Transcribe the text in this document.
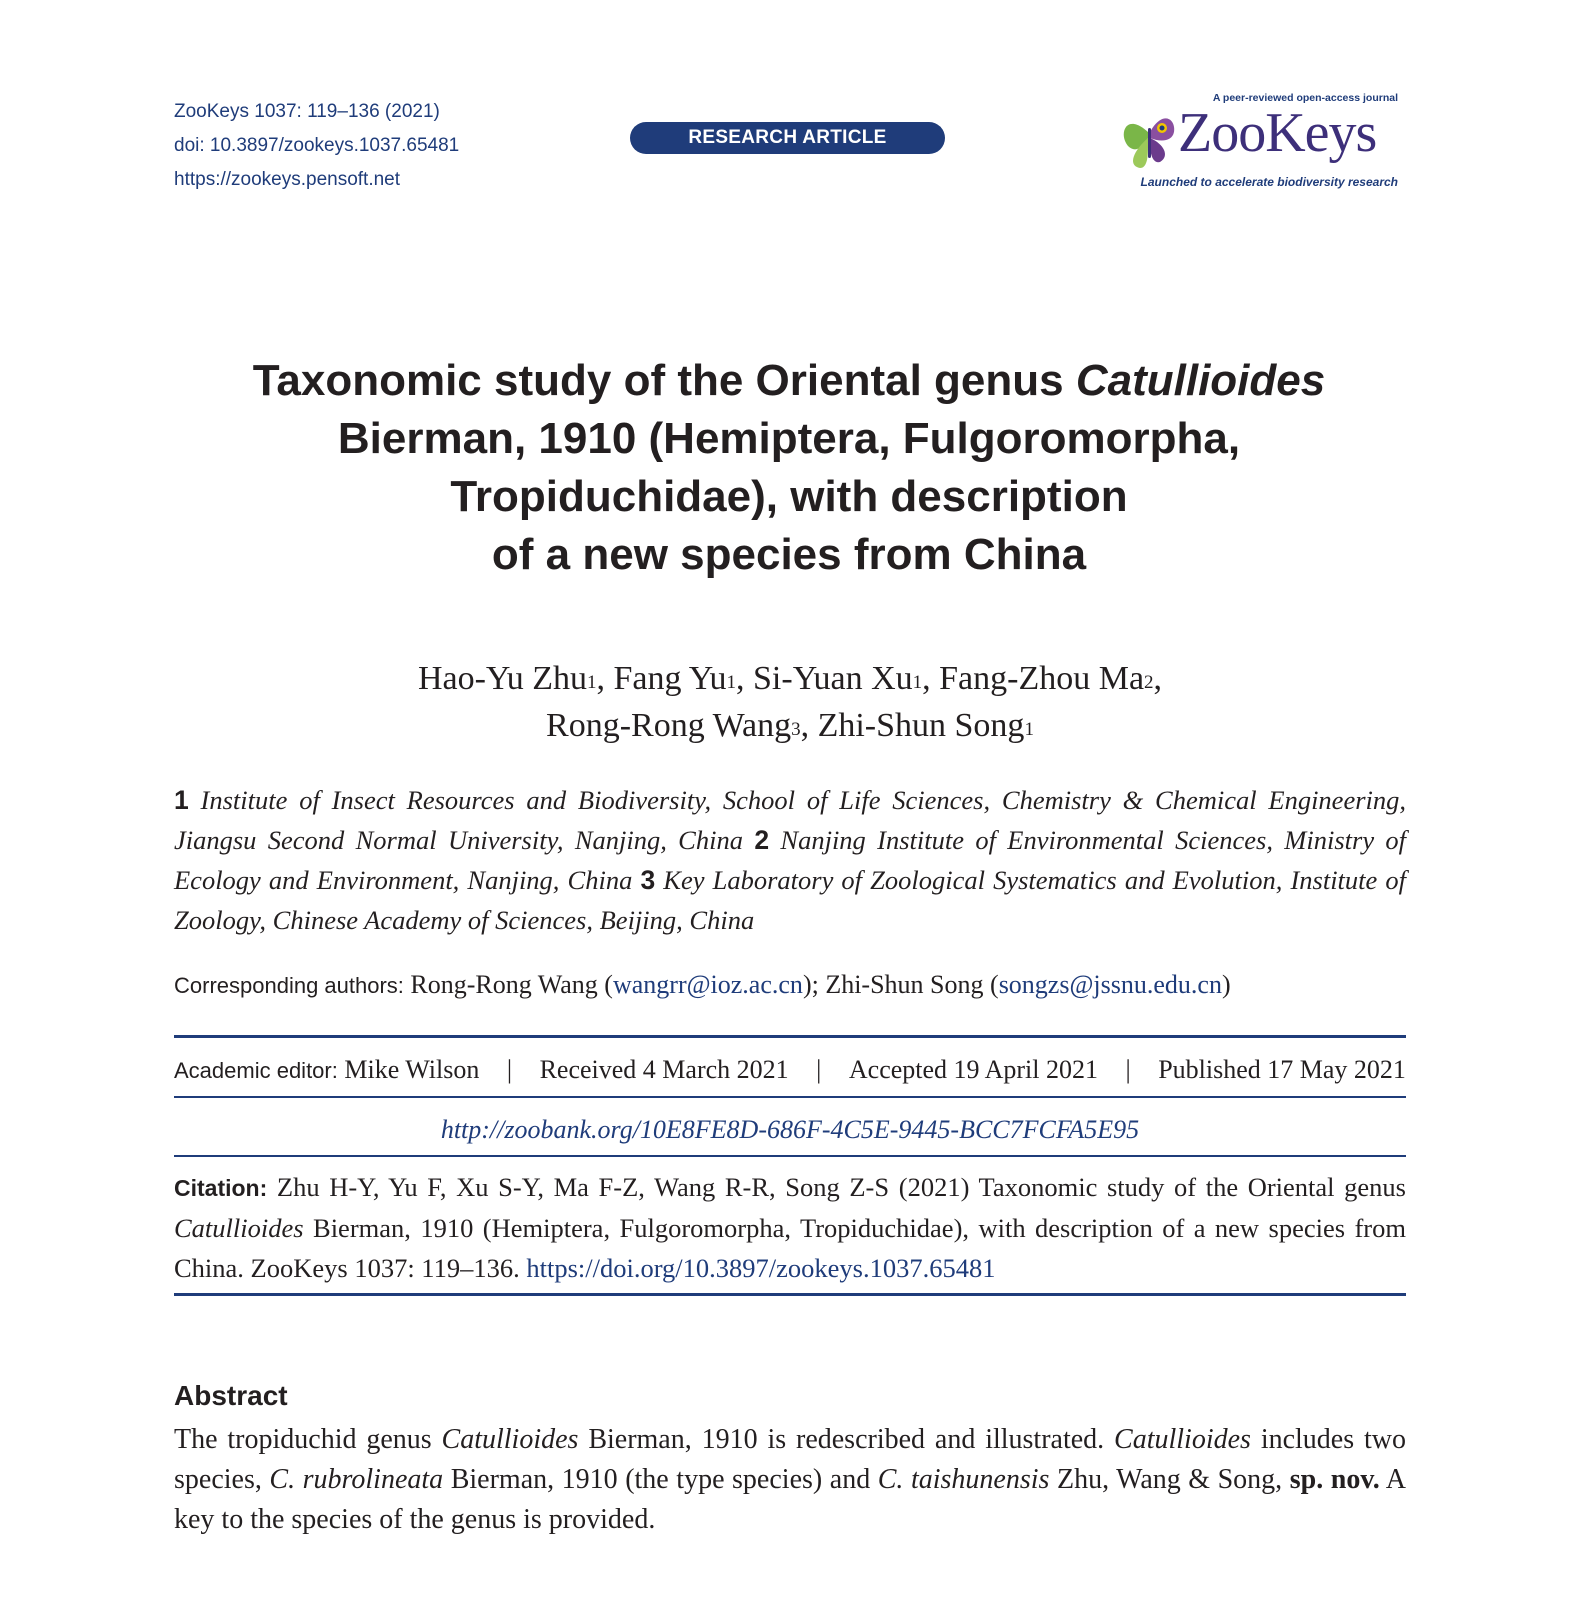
ZooKeys 1037: 119–136 (2021)
doi: 10.3897/zookeys.1037.65481
https://zookeys.pensoft.net
RESEARCH ARTICLE
A peer-reviewed open-access journal
ZooKeys
Launched to accelerate biodiversity research
Taxonomic study of the Oriental genus Catullioides
Bierman, 1910 (Hemiptera, Fulgoromorpha,
Tropiduchidae), with description
of a new species from China
Hao-Yu Zhu$^1$, Fang Yu$^1$, Si-Yuan Xu$^1$, Fang-Zhou Ma$^2$,
Rong-Rong Wang$^3$, Zhi-Shun Song$^1$
1 Institute of Insect Resources and Biodiversity, School of Life Sciences, Chemistry & Chemical Engineering, Jiangsu Second Normal University, Nanjing, China 2 Nanjing Institute of Environmental Sciences, Ministry of Ecology and Environment, Nanjing, China 3 Key Laboratory of Zoological Systematics and Evolution, Institute of Zoology, Chinese Academy of Sciences, Beijing, China
Corresponding authors: Rong-Rong Wang (wangrr@ioz.ac.cn); Zhi-Shun Song (songzs@jssnu.edu.cn)
Academic editor: Mike Wilson | Received 4 March 2021 | Accepted 19 April 2021 | Published 17 May 2021
http://zoobank.org/10E8FE8D-686F-4C5E-9445-BCC7FCFA5E95
Citation: Zhu H-Y, Yu F, Xu S-Y, Ma F-Z, Wang R-R, Song Z-S (2021) Taxonomic study of the Oriental genus Catullioides Bierman, 1910 (Hemiptera, Fulgoromorpha, Tropiduchidae), with description of a new species from China. ZooKeys 1037: 119–136. https://doi.org/10.3897/zookeys.1037.65481
Abstract
The tropiduchid genus Catullioides Bierman, 1910 is redescribed and illustrated. Catullioides includes two species, C. rubrolineata Bierman, 1910 (the type species) and C. taishunensis Zhu, Wang & Song, sp. nov. A key to the species of the genus is provided.
